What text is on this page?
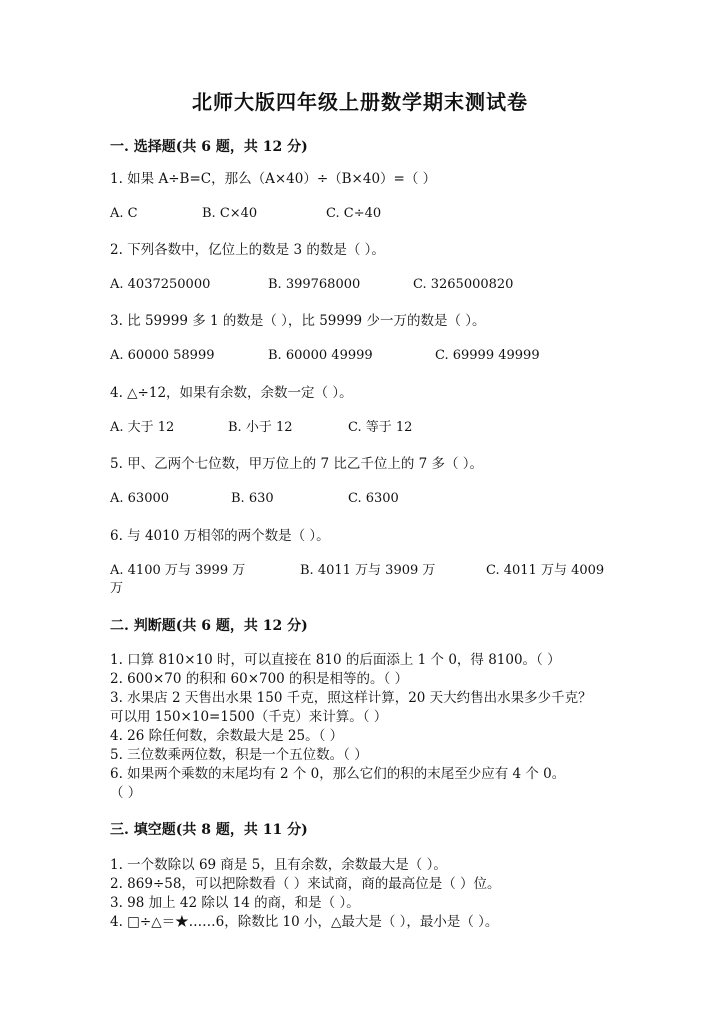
北师大版四年级上册数学期末测试卷
一. 选择题(共 6 题，共 12 分)
1. 如果 A÷B=C，那么（A×40）÷（B×40）=（ ）
A. C	B. C×40	C. C÷40
2. 下列各数中，亿位上的数是 3 的数是（ ）。
A. 4037250000	B. 399768000	C. 3265000820
3. 比 59999 多 1 的数是（ ），比 59999 少一万的数是（ ）。
A. 60000 58999	B. 60000 49999	C. 69999 49999
4. △÷12，如果有余数，余数一定（ ）。
A. 大于 12	B. 小于 12	C. 等于 12
5. 甲、乙两个七位数，甲万位上的 7 比乙千位上的 7 多（ ）。
A. 63000	B. 630	C. 6300
6. 与 4010 万相邻的两个数是（ ）。
A. 4100 万与 3999 万	B. 4011 万与 3909 万	C. 4011 万与 4009
万
二. 判断题(共 6 题，共 12 分)
1. 口算 810×10 时，可以直接在 810 的后面添上 1 个 0，得 8100。（ ）
2. 600×70 的积和 60×700 的积是相等的。（ ）
3. 水果店 2 天售出水果 150 千克，照这样计算，20 天大约售出水果多少千克？
可以用 150×10=1500（千克）来计算。（ ）
4. 26 除任何数，余数最大是 25。（ ）
5. 三位数乘两位数，积是一个五位数。（ ）
6. 如果两个乘数的末尾均有 2 个 0，那么它们的积的末尾至少应有 4 个 0。
（ ）
三. 填空题(共 8 题，共 11 分)
1. 一个数除以 69 商是 5，且有余数，余数最大是（ ）。
2. 869÷58，可以把除数看（ ）来试商，商的最高位是（ ）位。
3. 98 加上 42 除以 14 的商，和是（ ）。
4. □÷△＝★……6，除数比 10 小，△最大是（ ），最小是（ ）。
